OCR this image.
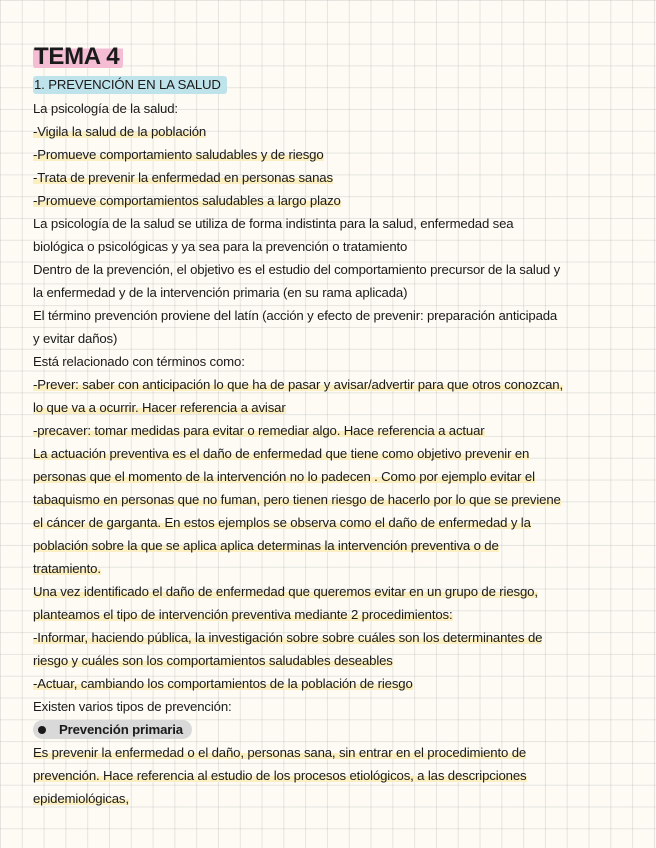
TEMA 4
1. PREVENCIÓN EN LA SALUD
La psicología de la salud:
-Vigila la salud de la población
-Promueve comportamiento saludables y de riesgo
-Trata de prevenir la enfermedad en personas sanas
-Promueve comportamientos saludables a largo plazo
La psicología de la salud se utiliza de forma indistinta para la salud, enfermedad sea
biológica o psicológicas y ya sea para la prevención o tratamiento
Dentro de la prevención, el objetivo es el estudio del comportamiento precursor de la salud y
la enfermedad y de la intervención primaria (en su rama aplicada)
El término prevención proviene del latín (acción y efecto de prevenir: preparación anticipada
y evitar daños)
Está relacionado con términos como:
-Prever: saber con anticipación lo que ha de pasar y avisar/advertir para que otros conozcan,
lo que va a ocurrir. Hacer referencia a avisar
-precaver: tomar medidas para evitar o remediar algo. Hace referencia a actuar
La actuación preventiva es el daño de enfermedad que tiene como objetivo prevenir en
personas que el momento de la intervención no lo padecen . Como por ejemplo evitar el
tabaquismo en personas que no fuman, pero tienen riesgo de hacerlo por lo que se previene
el cáncer de garganta. En estos ejemplos se observa como el daño de enfermedad y la
población sobre la que se aplica aplica determinas la intervención preventiva o de
tratamiento.
Una vez identificado el daño de enfermedad que queremos evitar en un grupo de riesgo,
planteamos el tipo de intervención preventiva mediante 2 procedimientos:
-Informar, haciendo pública, la investigación sobre sobre cuáles son los determinantes de
riesgo y cuáles son los comportamientos saludables deseables
-Actuar, cambiando los comportamientos de la población de riesgo
Existen varios tipos de prevención:
Prevención primaria
Es prevenir la enfermedad o el daño, personas sana, sin entrar en el procedimiento de
prevención. Hace referencia al estudio de los procesos etiológicos, a las descripciones
epidemiológicas,
